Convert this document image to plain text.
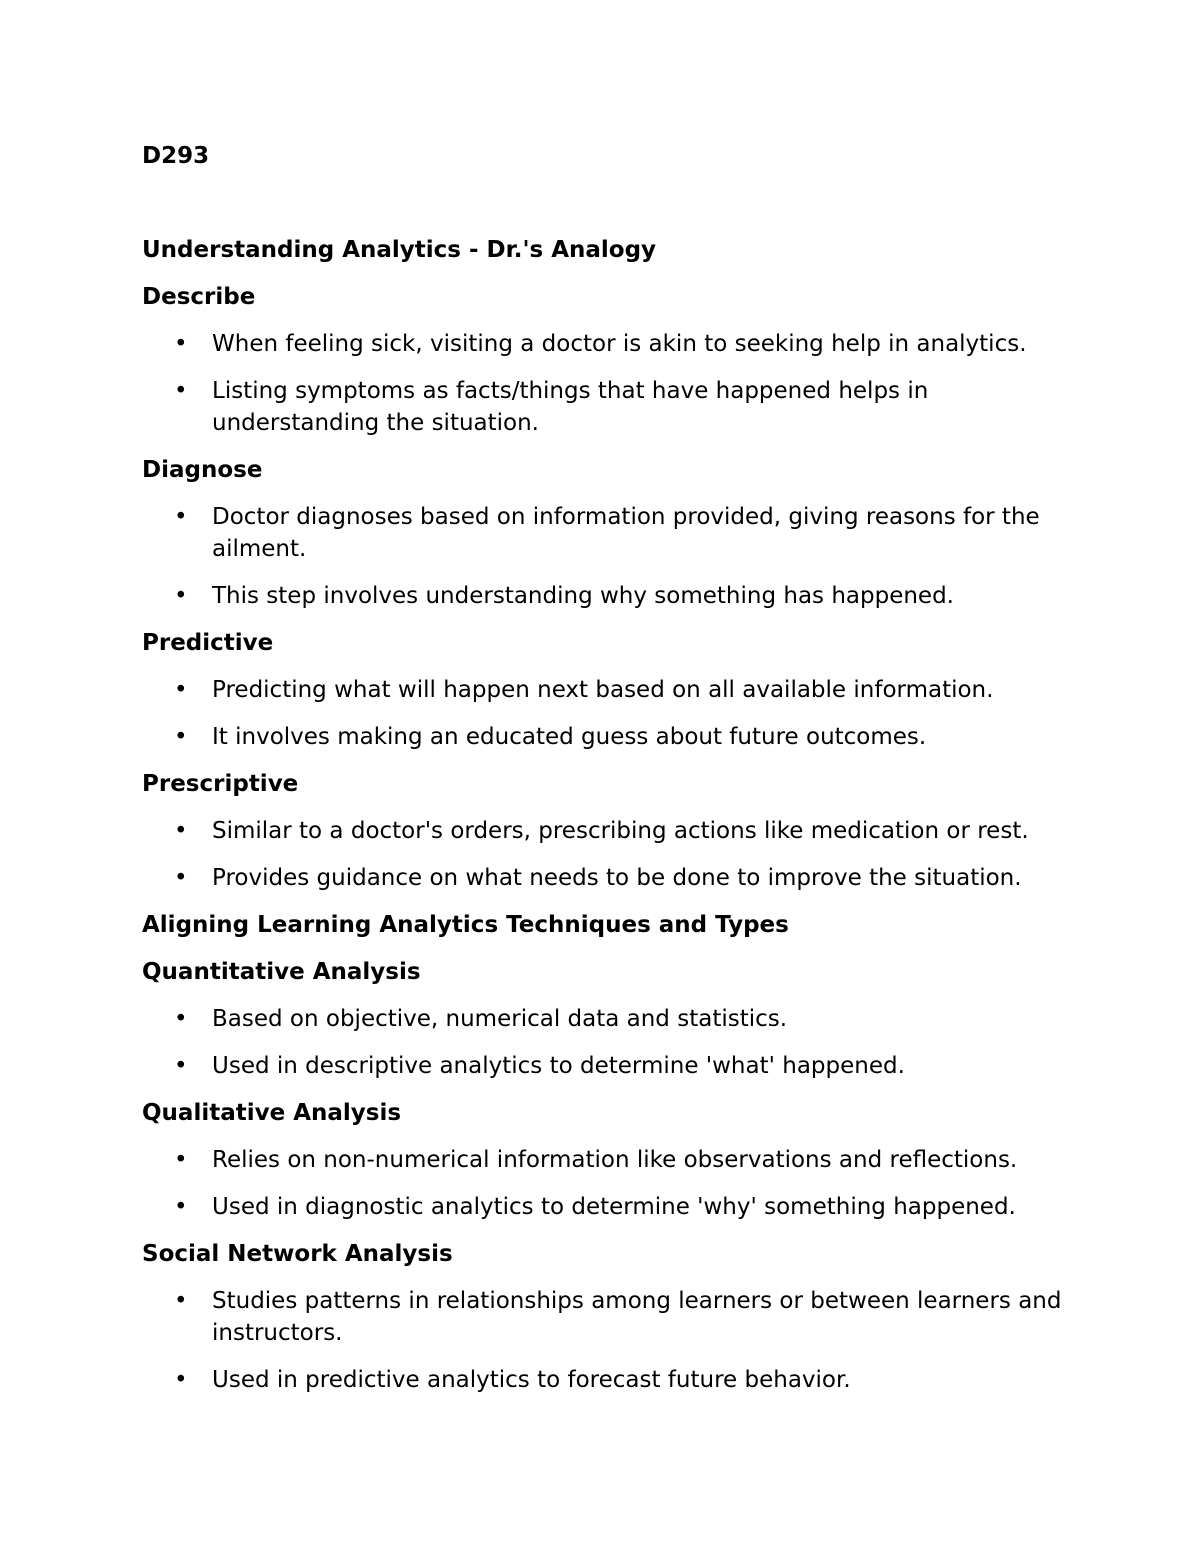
D293
Understanding Analytics - Dr.'s Analogy
Describe
• When feeling sick, visiting a doctor is akin to seeking help in analytics.
• Listing symptoms as facts/things that have happened helps in understanding the situation.
Diagnose
• Doctor diagnoses based on information provided, giving reasons for the ailment.
• This step involves understanding why something has happened.
Predictive
• Predicting what will happen next based on all available information.
• It involves making an educated guess about future outcomes.
Prescriptive
• Similar to a doctor's orders, prescribing actions like medication or rest.
• Provides guidance on what needs to be done to improve the situation.
Aligning Learning Analytics Techniques and Types
Quantitative Analysis
• Based on objective, numerical data and statistics.
• Used in descriptive analytics to determine 'what' happened.
Qualitative Analysis
• Relies on non-numerical information like observations and reflections.
• Used in diagnostic analytics to determine 'why' something happened.
Social Network Analysis
• Studies patterns in relationships among learners or between learners and instructors.
• Used in predictive analytics to forecast future behavior.
